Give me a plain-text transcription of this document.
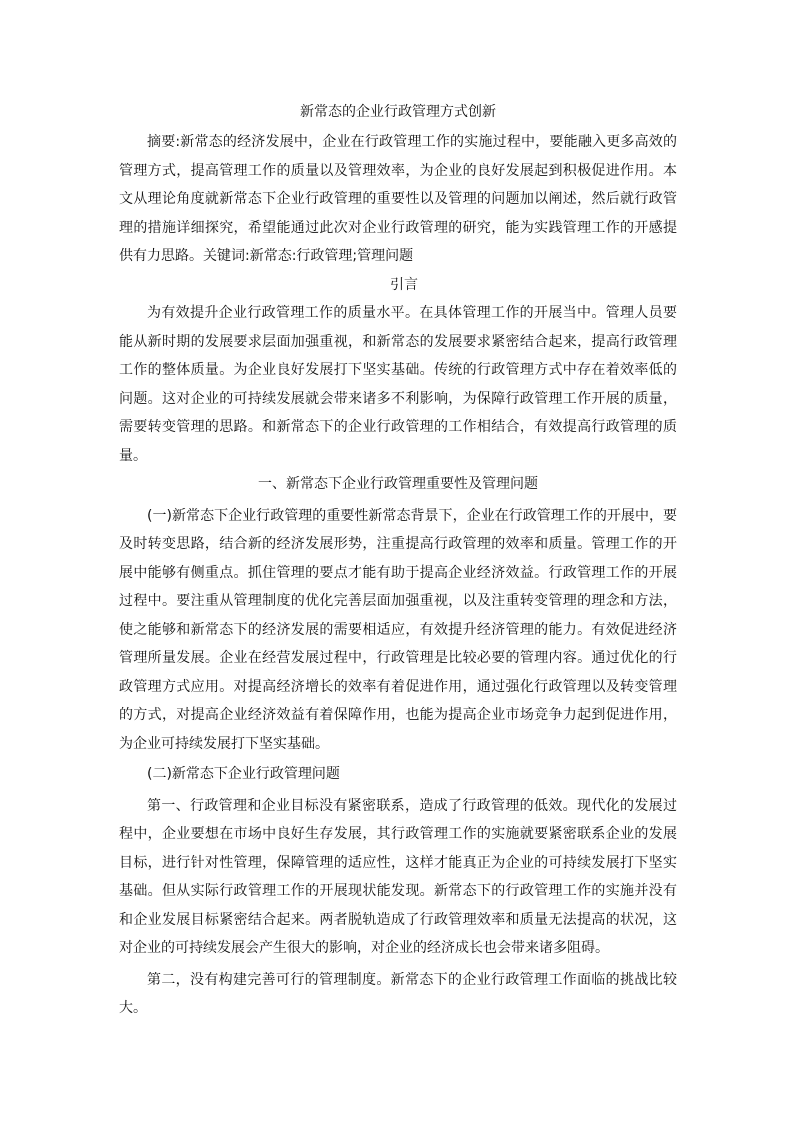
新常态的企业行政管理方式创新

摘要:新常态的经济发展中，企业在行政管理工作的实施过程中，要能融入更多高效的管理方式，提高管理工作的质量以及管理效率，为企业的良好发展起到积极促进作用。本文从理论角度就新常态下企业行政管理的重要性以及管理的问题加以阐述，然后就行政管理的措施详细探究，希望能通过此次对企业行政管理的研究，能为实践管理工作的开感提供有力思路。关键词:新常态:行政管理;管理问题

引言

为有效提升企业行政管理工作的质量水平。在具体管理工作的开展当中。管理人员要能从新时期的发展要求层面加强重视，和新常态的发展要求紧密结合起来，提高行政管理工作的整体质量。为企业良好发展打下坚实基础。传统的行政管理方式中存在着效率低的问题。这对企业的可持续发展就会带来诸多不利影响，为保障行政管理工作开展的质量，需要转变管理的思路。和新常态下的企业行政管理的工作相结合，有效提高行政管理的质量。

一、新常态下企业行政管理重要性及管理问题

(一)新常态下企业行政管理的重要性新常态背景下，企业在行政管理工作的开展中，要及时转变思路，结合新的经济发展形势，注重提高行政管理的效率和质量。管理工作的开展中能够有侧重点。抓住管理的要点才能有助于提高企业经济效益。行政管理工作的开展过程中。要注重从管理制度的优化完善层面加强重视，以及注重转变管理的理念和方法，使之能够和新常态下的经济发展的需要相适应，有效提升经济管理的能力。有效促进经济管理所量发展。企业在经营发展过程中，行政管理是比较必要的管理内容。通过优化的行政管理方式应用。对提高经济增长的效率有着促进作用，通过强化行政管理以及转变管理的方式，对提高企业经济效益有着保障作用，也能为提高企业市场竞争力起到促进作用，为企业可持续发展打下坚实基础。

(二)新常态下企业行政管理问题

第一、行政管理和企业目标没有紧密联系，造成了行政管理的低效。现代化的发展过程中，企业要想在市场中良好生存发展，其行政管理工作的实施就要紧密联系企业的发展目标，进行针对性管理，保障管理的适应性，这样才能真正为企业的可持续发展打下坚实基础。但从实际行政管理工作的开展现状能发现。新常态下的行政管理工作的实施并没有和企业发展目标紧密结合起来。两者脱轨造成了行政管理效率和质量无法提高的状况，这对企业的可持续发展会产生很大的影响，对企业的经济成长也会带来诸多阻碍。

第二，没有构建完善可行的管理制度。新常态下的企业行政管理工作面临的挑战比较大。
